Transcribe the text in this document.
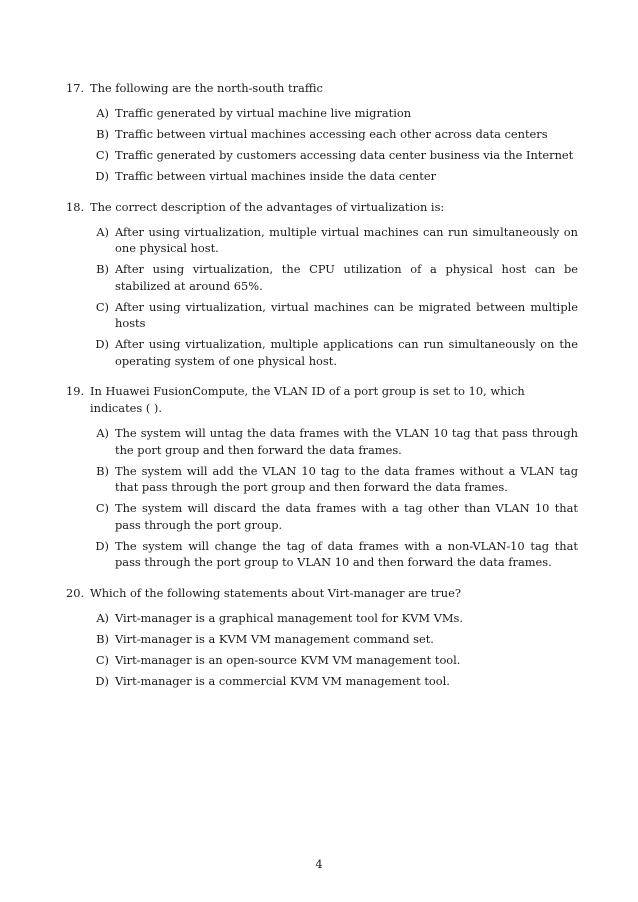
17. The following are the north-south traffic
A) Traffic generated by virtual machine live migration
B) Traffic between virtual machines accessing each other across data centers
C) Traffic generated by customers accessing data center business via the Internet
D) Traffic between virtual machines inside the data center
18. The correct description of the advantages of virtualization is:
A) After using virtualization, multiple virtual machines can run simultaneously on one physical host.
B) After using virtualization, the CPU utilization of a physical host can be stabilized at around 65%.
C) After using virtualization, virtual machines can be migrated between multiple hosts
D) After using virtualization, multiple applications can run simultaneously on the operating system of one physical host.
19. In Huawei FusionCompute, the VLAN ID of a port group is set to 10, which indicates ( ).
A) The system will untag the data frames with the VLAN 10 tag that pass through the port group and then forward the data frames.
B) The system will add the VLAN 10 tag to the data frames without a VLAN tag that pass through the port group and then forward the data frames.
C) The system will discard the data frames with a tag other than VLAN 10 that pass through the port group.
D) The system will change the tag of data frames with a non-VLAN-10 tag that pass through the port group to VLAN 10 and then forward the data frames.
20. Which of the following statements about Virt-manager are true?
A) Virt-manager is a graphical management tool for KVM VMs.
B) Virt-manager is a KVM VM management command set.
C) Virt-manager is an open-source KVM VM management tool.
D) Virt-manager is a commercial KVM VM management tool.
4
